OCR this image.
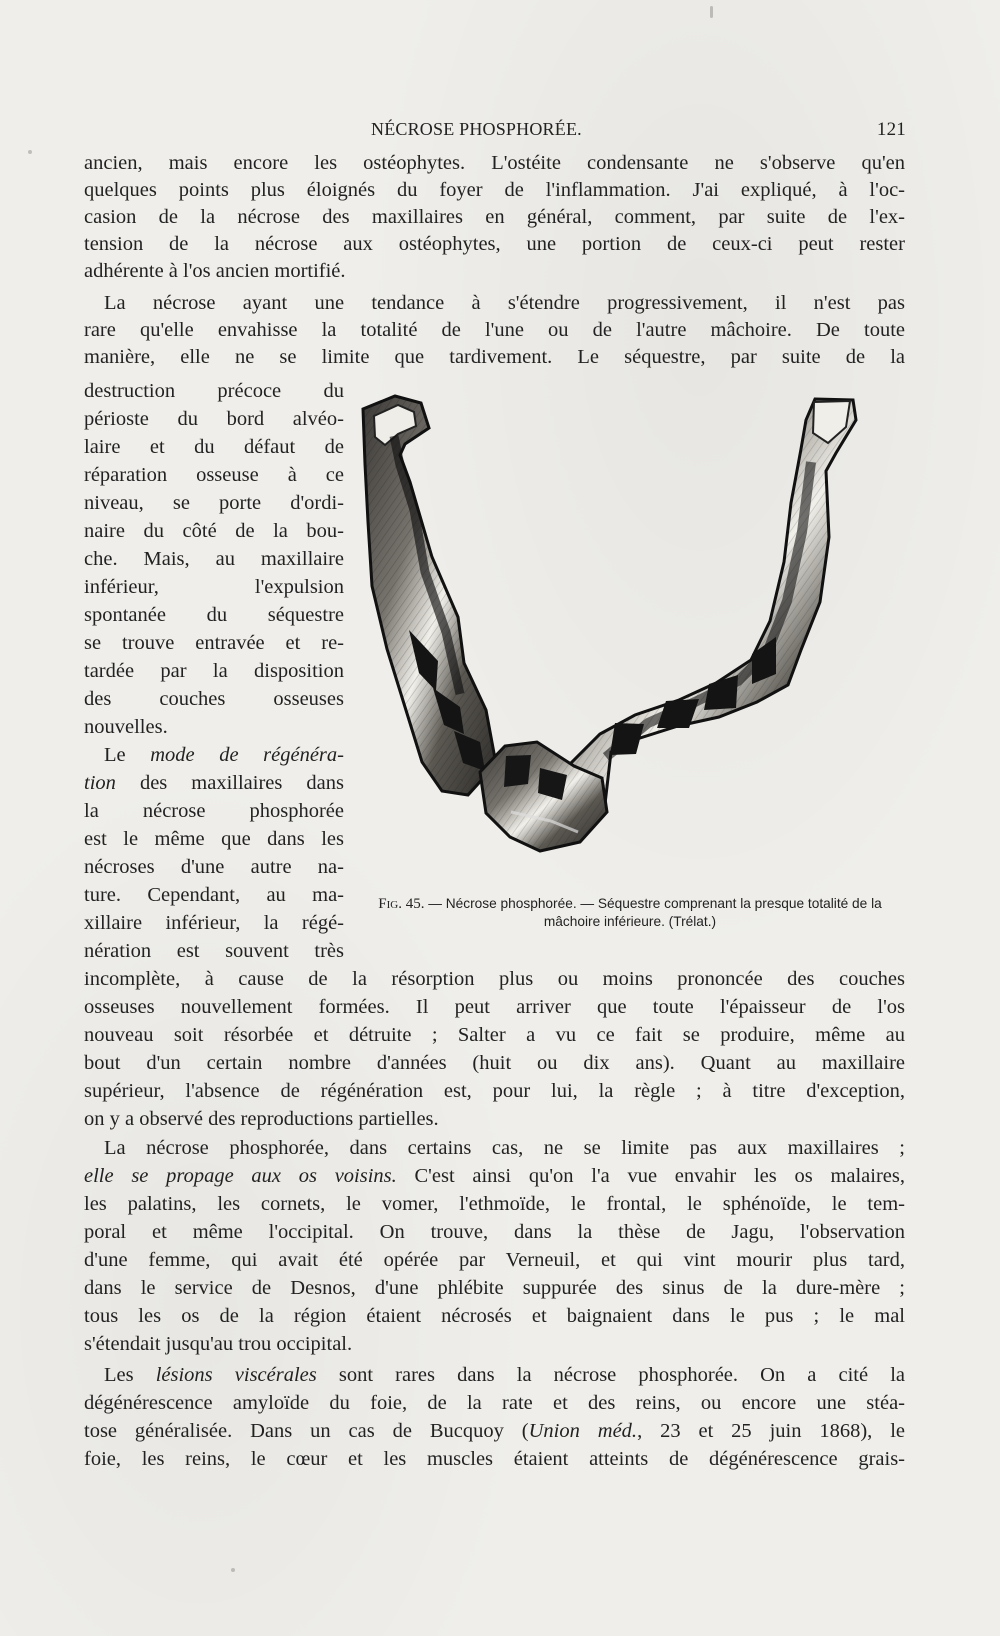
NÉCROSE PHOSPHORÉE.	121
ancien, mais encore les ostéophytes. L'ostéite condensante ne s'observe qu'en
quelques points plus éloignés du foyer de l'inflammation. J'ai expliqué, à l'oc-
casion de la nécrose des maxillaires en général, comment, par suite de l'ex-
tension de la nécrose aux ostéophytes, une portion de ceux-ci peut rester
adhérente à l'os ancien mortifié.
La nécrose ayant une tendance à s'étendre progressivement, il n'est pas
rare qu'elle envahisse la totalité de l'une ou de l'autre mâchoire. De toute
manière, elle ne se limite que tardivement. Le séquestre, par suite de la
destruction précoce du
périoste du bord alvéo-
laire et du défaut de
réparation osseuse à ce
niveau, se porte d'ordi-
naire du côté de la bou-
che. Mais, au maxillaire
inférieur, l'expulsion
spontanée du séquestre
se trouve entravée et re-
tardée par la disposition
des couches osseuses
nouvelles.
Le mode de régénéra-
tion des maxillaires dans
la nécrose phosphorée
est le même que dans les
nécroses d'une autre na-
ture. Cependant, au ma-
xillaire inférieur, la régé-
nération est souvent très
incomplète, à cause de la résorption plus ou moins prononcée des couches
osseuses nouvellement formées. Il peut arriver que toute l'épaisseur de l'os
nouveau soit résorbée et détruite ; Salter a vu ce fait se produire, même au
bout d'un certain nombre d'années (huit ou dix ans). Quant au maxillaire
supérieur, l'absence de régénération est, pour lui, la règle ; à titre d'exception,
on y a observé des reproductions partielles.
La nécrose phosphorée, dans certains cas, ne se limite pas aux maxillaires ;
elle se propage aux os voisins. C'est ainsi qu'on l'a vue envahir les os malaires,
les palatins, les cornets, le vomer, l'ethmoïde, le frontal, le sphénoïde, le tem-
poral et même l'occipital. On trouve, dans la thèse de Jagu, l'observation
d'une femme, qui avait été opérée par Verneuil, et qui vint mourir plus tard,
dans le service de Desnos, d'une phlébite suppurée des sinus de la dure-mère ;
tous les os de la région étaient nécrosés et baignaient dans le pus ; le mal
s'étendait jusqu'au trou occipital.
Les lésions viscérales sont rares dans la nécrose phosphorée. On a cité la
dégénérescence amyloïde du foie, de la rate et des reins, ou encore une stéa-
tose généralisée. Dans un cas de Bucquoy (Union méd., 23 et 25 juin 1868), le
foie, les reins, le cœur et les muscles étaient atteints de dégénérescence grais-
Fig. 45. — Nécrose phosphorée. — Séquestre comprenant la presque totalité de la mâchoire inférieure. (Trélat.)
